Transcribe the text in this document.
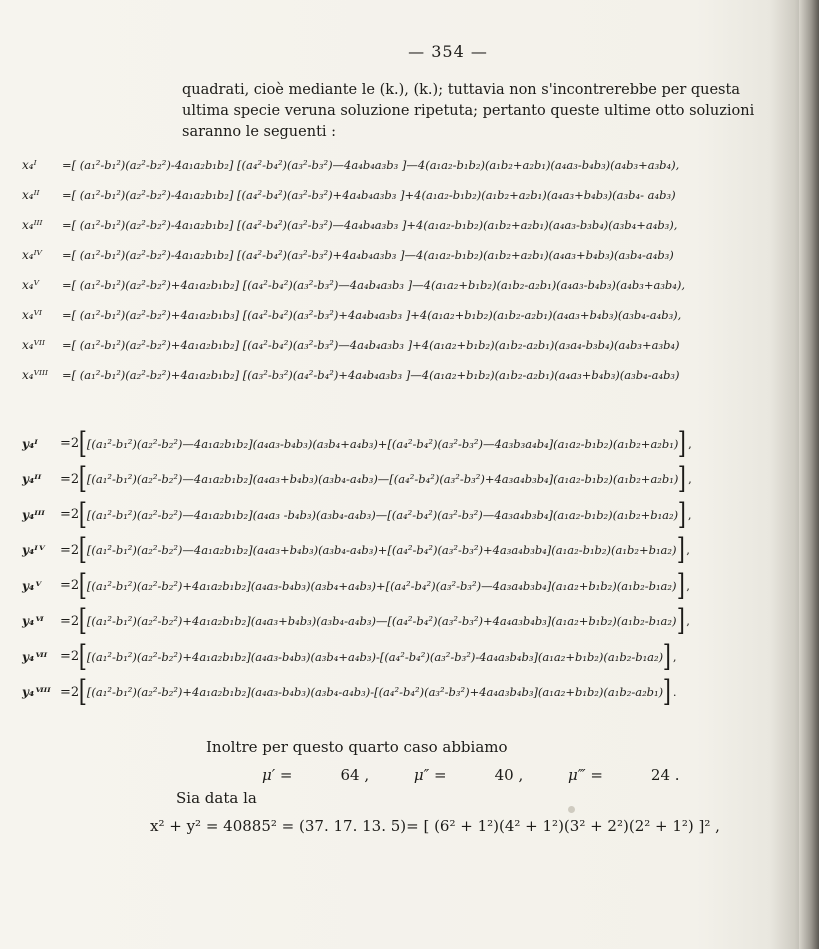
— 354 —
quadrati, cioè mediante le (k.), (k.); tuttavia non s'incontrerebbe per questa
ultima specie veruna soluzione ripetuta; pertanto queste ultime otto soluzioni
saranno le seguenti :
x₄ᴵ	=[ (a₁²-b₁²)(a₂²-b₂²)-4a₁a₂b₁b₂] [(a₄²-b₄²)(a₃²-b₃²)—4a₄b₄a₃b₃ ]—4(a₁a₂-b₁b₂)(a₁b₂+a₂b₁)(a₄a₃-b₄b₃)(a₄b₃+a₃b₄),
x₄ᴵᴵ	=[ (a₁²-b₁²)(a₂²-b₂²)-4a₁a₂b₁b₂] [(a₄²-b₄²)(a₃²-b₃²)+4a₄b₄a₃b₃ ]+4(a₁a₂-b₁b₂)(a₁b₂+a₂b₁)(a₄a₃+b₄b₃)(a₃b₄- a₄b₃)
x₄ᴵᴵᴵ	=[ (a₁²-b₁²)(a₂²-b₂²)-4a₁a₂b₁b₂] [(a₄²-b₄²)(a₃²-b₃²)—4a₄b₄a₃b₃ ]+4(a₁a₂-b₁b₂)(a₁b₂+a₂b₁)(a₄a₃-b₃b₄)(a₃b₄+a₄b₃),
x₄ᴵⱽ	=[ (a₁²-b₁²)(a₂²-b₂²)-4a₁a₂b₁b₂] [(a₄²-b₄²)(a₃²-b₃²)+4a₄b₄a₃b₃ ]—4(a₁a₂-b₁b₂)(a₁b₂+a₂b₁)(a₄a₃+b₄b₃)(a₃b₄-a₄b₃)
x₄ⱽ	=[ (a₁²-b₁²)(a₂²-b₂²)+4a₁a₂b₁b₂] [(a₄²-b₄²)(a₃²-b₃²)—4a₄b₄a₃b₃ ]—4(a₁a₂+b₁b₂)(a₁b₂-a₂b₁)(a₄a₃-b₄b₃)(a₄b₃+a₃b₄),
x₄ⱽᴵ	=[ (a₁²-b₁²)(a₂²-b₂²)+4a₁a₂b₁b₃] [(a₄²-b₄²)(a₃²-b₃²)+4a₄b₄a₃b₃ ]+4(a₁a₂+b₁b₂)(a₁b₂-a₂b₁)(a₄a₃+b₄b₃)(a₃b₄-a₄b₃),
x₄ⱽᴵᴵ	=[ (a₁²-b₁²)(a₂²-b₂²)+4a₁a₂b₁b₂] [(a₄²-b₄²)(a₃²-b₃²)—4a₄b₄a₃b₃ ]+4(a₁a₂+b₁b₂)(a₁b₂-a₂b₁)(a₃a₄-b₃b₄)(a₄b₃+a₃b₄)
x₄ⱽᴵᴵᴵ	=[ (a₁²-b₁²)(a₂²-b₂²)+4a₁a₂b₁b₂] [(a₃²-b₃²)(a₄²-b₄²)+4a₄b₄a₃b₃ ]—4(a₁a₂+b₁b₂)(a₁b₂-a₂b₁)(a₄a₃+b₄b₃)(a₃b₄-a₄b₃)
y₄ᴵ	=2 [ [(a₁²-b₁²)(a₂²-b₂²)—4a₁a₂b₁b₂](a₄a₃-b₄b₃)(a₃b₄+a₄b₃)+[(a₄²-b₄²)(a₃²-b₃²)—4a₃b₃a₄b₄](a₁a₂-b₁b₂)(a₁b₂+a₂b₁) ] ,
y₄ᴵᴵ	=2 [ [(a₁²-b₁²)(a₂²-b₂²)—4a₁a₂b₁b₂](a₄a₃+b₄b₃)(a₃b₄-a₄b₃)—[(a₄²-b₄²)(a₃²-b₃²)+4a₃a₄b₃b₄](a₁a₂-b₁b₂)(a₁b₂+a₂b₁) ] ,
y₄ᴵᴵᴵ	=2 [ [(a₁²-b₁²)(a₂²-b₂²)—4a₁a₂b₁b₂](a₄a₃ -b₄b₃)(a₃b₄-a₄b₃)—[(a₄²-b₄²)(a₃²-b₃²)—4a₃a₄b₃b₄](a₁a₂-b₁b₂)(a₁b₂+b₁a₂) ] ,
y₄ᴵⱽ	=2 [ [(a₁²-b₁²)(a₂²-b₂²)—4a₁a₂b₁b₂](a₄a₃+b₄b₃)(a₃b₄-a₄b₃)+[(a₄²-b₄²)(a₃²-b₃²)+4a₃a₄b₃b₄](a₁a₂-b₁b₂)(a₁b₂+b₁a₂) ] ,
y₄ⱽ	=2 [ [(a₁²-b₁²)(a₂²-b₂²)+4a₁a₂b₁b₂](a₄a₃-b₄b₃)(a₃b₄+a₄b₃)+[(a₄²-b₄²)(a₃²-b₃²)—4a₃a₄b₃b₄](a₁a₂+b₁b₂)(a₁b₂-b₁a₂) ] ,
y₄ⱽᴵ	=2 [ [(a₁²-b₁²)(a₂²-b₂²)+4a₁a₂b₁b₂](a₄a₃+b₄b₃)(a₃b₄-a₄b₃)—[(a₄²-b₄²)(a₃²-b₃²)+4a₄a₃b₄b₃](a₁a₂+b₁b₂)(a₁b₂-b₁a₂) ] ,
y₄ⱽᴵᴵ =2 [ [(a₁²-b₁²)(a₂²-b₂²)+4a₁a₂b₁b₂](a₄a₃-b₄b₃)(a₃b₄+a₄b₃)-[(a₄²-b₄²)(a₃²-b₃²)-4a₄a₃b₄b₃](a₁a₂+b₁b₂)(a₁b₂-b₁a₂) ] ,
y₄ⱽᴵᴵᴵ =2 [ [(a₁²-b₁²)(a₂²-b₂²)+4a₁a₂b₁b₂](a₄a₃-b₄b₃)(a₃b₄-a₄b₃)-[(a₄²-b₄²)(a₃²-b₃²)+4a₄a₃b₄b₃](a₁a₂+b₁b₂)(a₁b₂-a₂b₁) ] .
Inoltre per questo quarto caso abbiamo
μ′ =	64 ,	μ″ =	40 ,	μ‴ =	24 .
Sia data la
x² + y² = 40885² = (37. 17. 13. 5)= [ (6² + 1²)(4² + 1²)(3² + 2²)(2² + 1²) ]² ,
